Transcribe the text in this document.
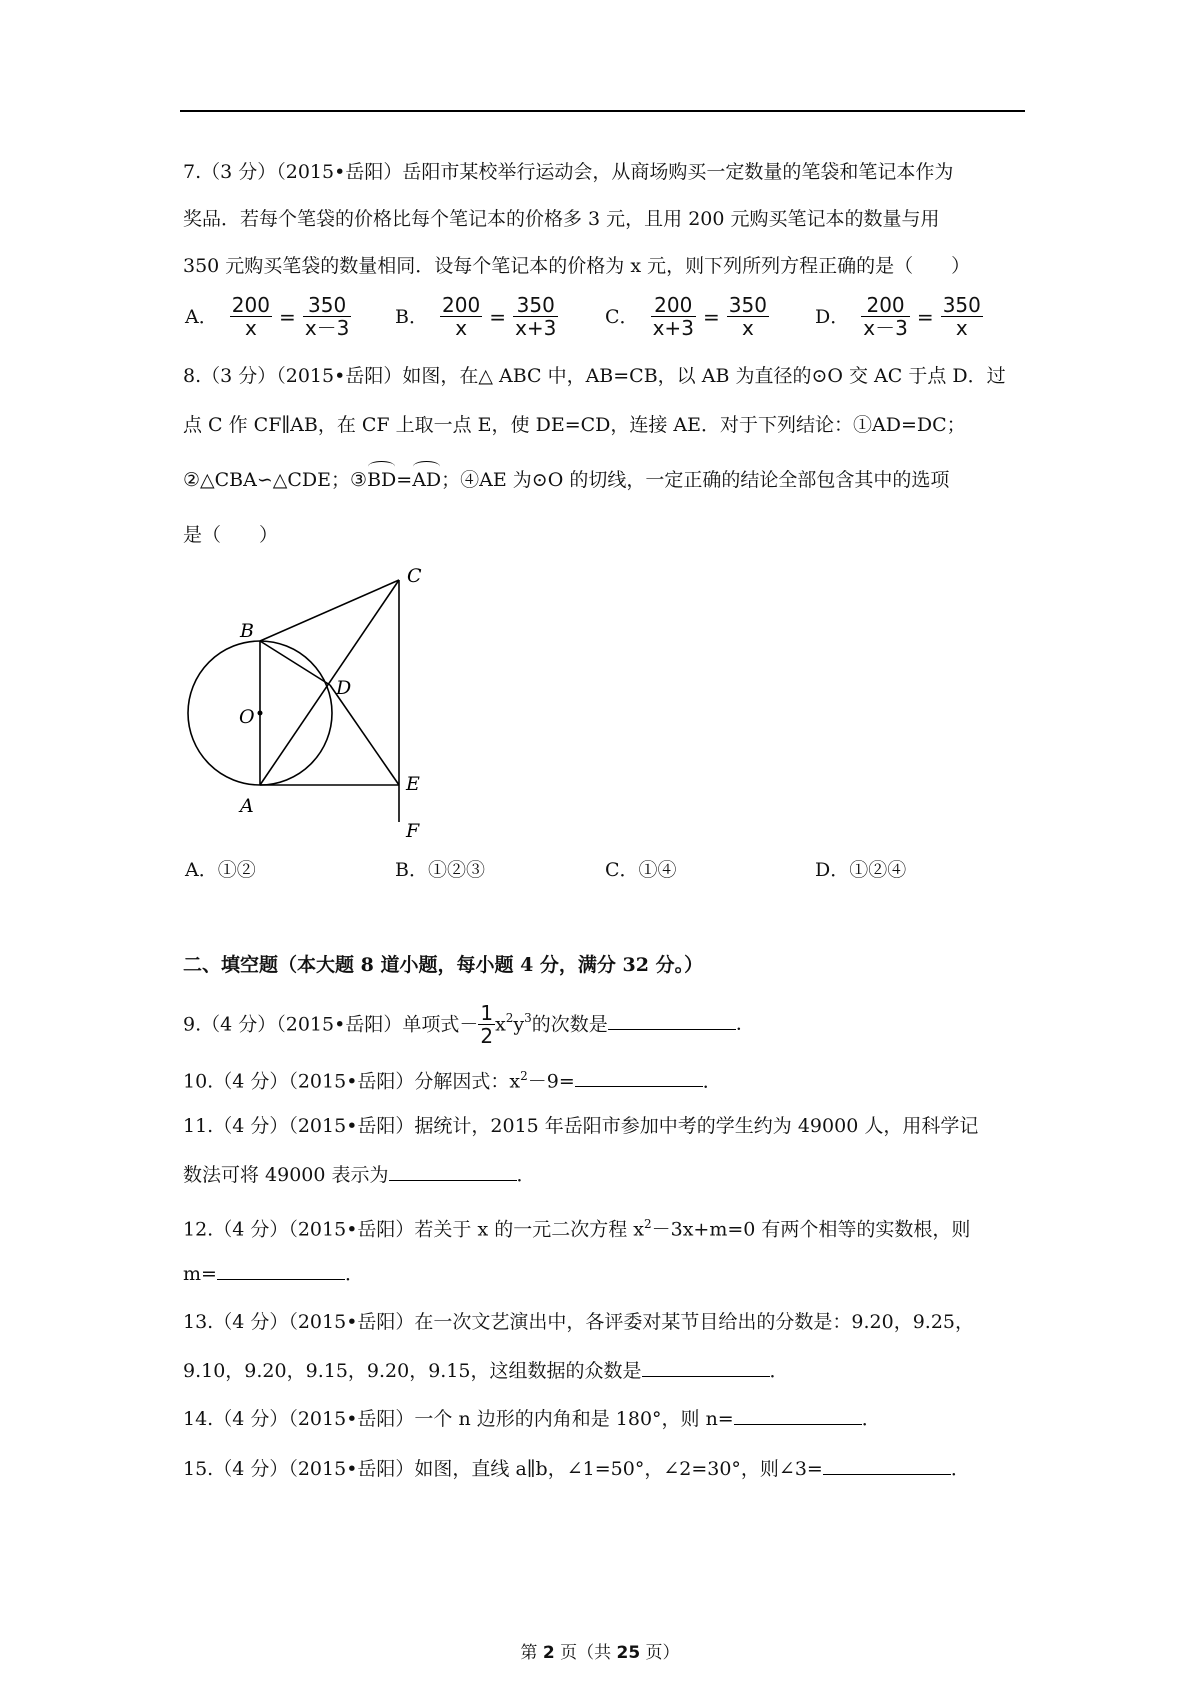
7.（3 分）（2015•岳阳）岳阳市某校举行运动会，从商场购买一定数量的笔袋和笔记本作为
奖品．若每个笔袋的价格比每个笔记本的价格多 3 元，且用 200 元购买笔记本的数量与用
350 元购买笔袋的数量相同．设每个笔记本的价格为 x 元，则下列所列方程正确的是（　　）
A． $\frac{200}{x} = \frac{350}{x-3}$ B． $\frac{200}{x} = \frac{350}{x+3}$ C． $\frac{200}{x+3} = \frac{350}{x}$ D． $\frac{200}{x-3} = \frac{350}{x}$
8.（3 分）（2015•岳阳）如图，在△ ABC 中，AB=CB，以 AB 为直径的⊙O 交 AC 于点 D．过
点 C 作 CF∥AB，在 CF 上取一点 E，使 DE=CD，连接 AE．对于下列结论：①AD=DC；
②△CBA∽△CDE；③BD=AD；④AE 为⊙O 的切线，一定正确的结论全部包含其中的选项
是（　　）
C
B
D
O
A
E
F
A．①②	B．①②③	C．①④	D．①②④
二、填空题（本大题 8 道小题，每小题 4 分，满分 32 分。）
9.（4 分）（2015•岳阳）单项式－ $\frac{1}{2} x^2y^3$的次数是	．
10.（4 分）（2015•岳阳）分解因式：$x^2-9=$	．
11.（4 分）（2015•岳阳）据统计，2015 年岳阳市参加中考的学生约为 49000 人，用科学记
数法可将 49000 表示为	．
12.（4 分）（2015•岳阳）若关于 x 的一元二次方程 $x^2-3x+m=0$ 有两个相等的实数根，则
m=	．
13.（4 分）（2015•岳阳）在一次文艺演出中，各评委对某节目给出的分数是：9.20，9.25，
9.10，9.20，9.15，9.20，9.15，这组数据的众数是	．
14.（4 分）（2015•岳阳）一个 n 边形的内角和是 180°，则 n=	．
15.（4 分）（2015•岳阳）如图，直线 a∥b，∠1=50°，∠2=30°，则∠3=	．
第 2 页（共 25 页）
